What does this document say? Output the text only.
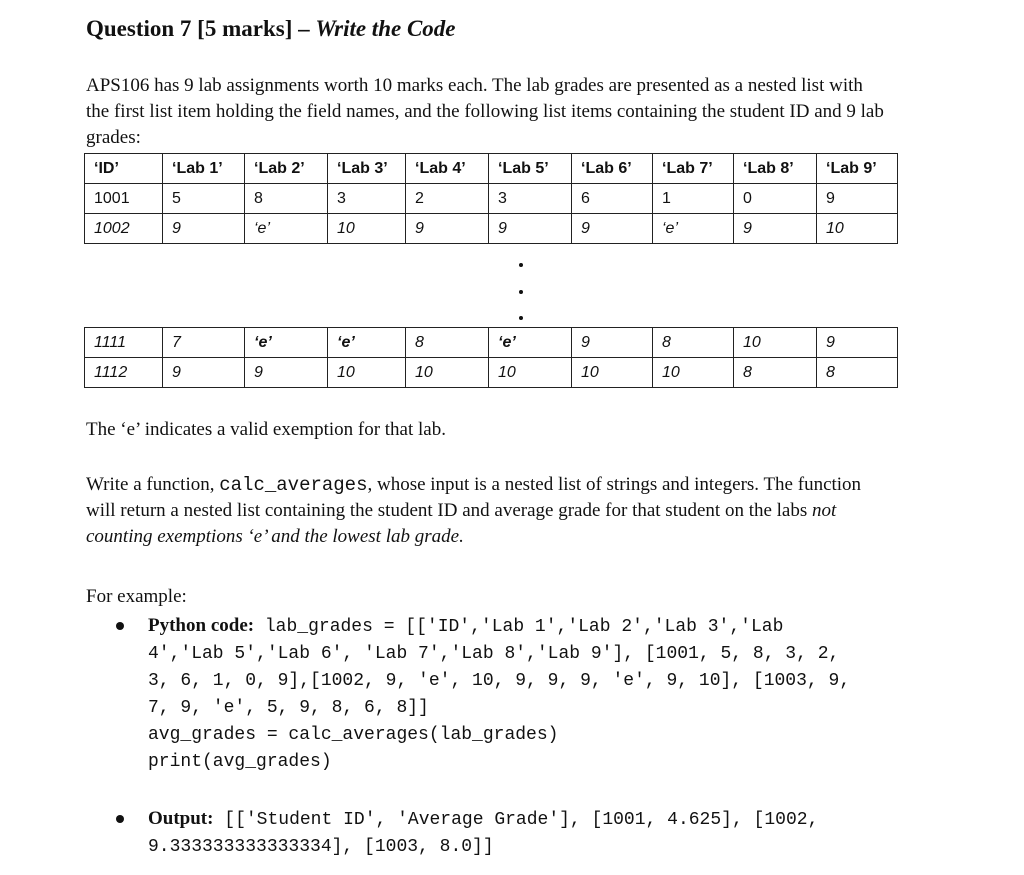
Question 7 [5 marks] – Write the Code
APS106 has 9 lab assignments worth 10 marks each. The lab grades are presented as a nested list with
the first list item holding the field names, and the following list items containing the student ID and 9 lab
grades:
‘ID’	‘Lab 1’	‘Lab 2’	‘Lab 3’	‘Lab 4’	‘Lab 5’	‘Lab 6’	‘Lab 7’	‘Lab 8’	‘Lab 9’
1001	5	8	3	2	3	6	1	0	9
1002	9	‘e’	10	9	9	9	‘e’	9	10
1111	7	‘e’	‘e’	8	‘e’	9	8	10	9
1112	9	9	10	10	10	10	10	8	8
The ‘e’ indicates a valid exemption for that lab.
Write a function, calc_averages, whose input is a nested list of strings and integers. The function
will return a nested list containing the student ID and average grade for that student on the labs not
counting exemptions ‘e’ and the lowest lab grade.
For example:
Python code: lab_grades = [['ID','Lab 1','Lab 2','Lab 3','Lab
4','Lab 5','Lab 6', 'Lab 7','Lab 8','Lab 9'], [1001, 5, 8, 3, 2,
3, 6, 1, 0, 9],[1002, 9, 'e', 10, 9, 9, 9, 'e', 9, 10], [1003, 9,
7, 9, 'e', 5, 9, 8, 6, 8]]
avg_grades = calc_averages(lab_grades)
print(avg_grades)
Output: [['Student ID', 'Average Grade'], [1001, 4.625], [1002,
9.333333333333334], [1003, 8.0]]
